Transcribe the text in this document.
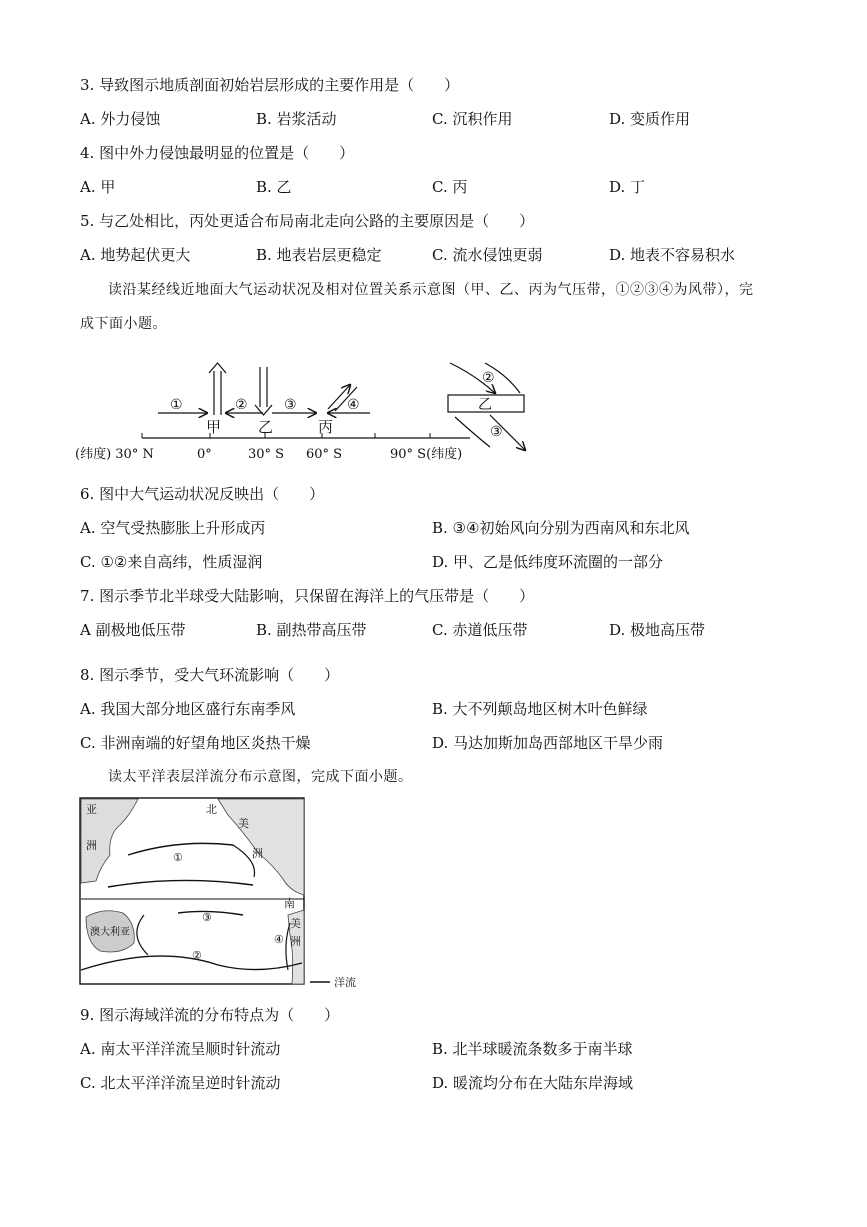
3. 导致图示地质剖面初始岩层形成的主要作用是（　　）
A. 外力侵蚀	B. 岩浆活动	C. 沉积作用	D. 变质作用
4. 图中外力侵蚀最明显的位置是（　　）
A. 甲	B. 乙	C. 丙	D. 丁
5. 与乙处相比，丙处更适合布局南北走向公路的主要原因是（　　）
A. 地势起伏更大	B. 地表岩层更稳定	C. 流水侵蚀更弱	D. 地表不容易积水
读沿某经线近地面大气运动状况及相对位置关系示意图（甲、乙、丙为气压带，①②③④为风带），完
成下面小题。
(纬度) 30° N	0°	30° S 60° S	90° S(纬度)
①	②	③	④
甲 乙	丙
乙
②
③
6. 图中大气运动状况反映出（　　）
A. 空气受热膨胀上升形成丙	B. ③④初始风向分别为西南风和东北风
C. ①②来自高纬，性质湿润	D. 甲、乙是低纬度环流圈的一部分
7. 图示季节北半球受大陆影响，只保留在海洋上的气压带是（　　）
A 副极地低压带	B. 副热带高压带	C. 赤道低压带	D. 极地高压带
8. 图示季节，受大气环流影响（　　）
A. 我国大部分地区盛行东南季风	B. 大不列颠岛地区树木叶色鲜绿
C. 非洲南端的好望角地区炎热干燥	D. 马达加斯加岛西部地区干旱少雨
读太平洋表层洋流分布示意图，完成下面小题。
亚	北
美
洲
洲
南
美
洲
澳大利亚
①
②
③
④
洋流
9. 图示海域洋流的分布特点为（　　）
A. 南太平洋洋流呈顺时针流动	B. 北半球暖流条数多于南半球
C. 北太平洋洋流呈逆时针流动	D. 暖流均分布在大陆东岸海域
